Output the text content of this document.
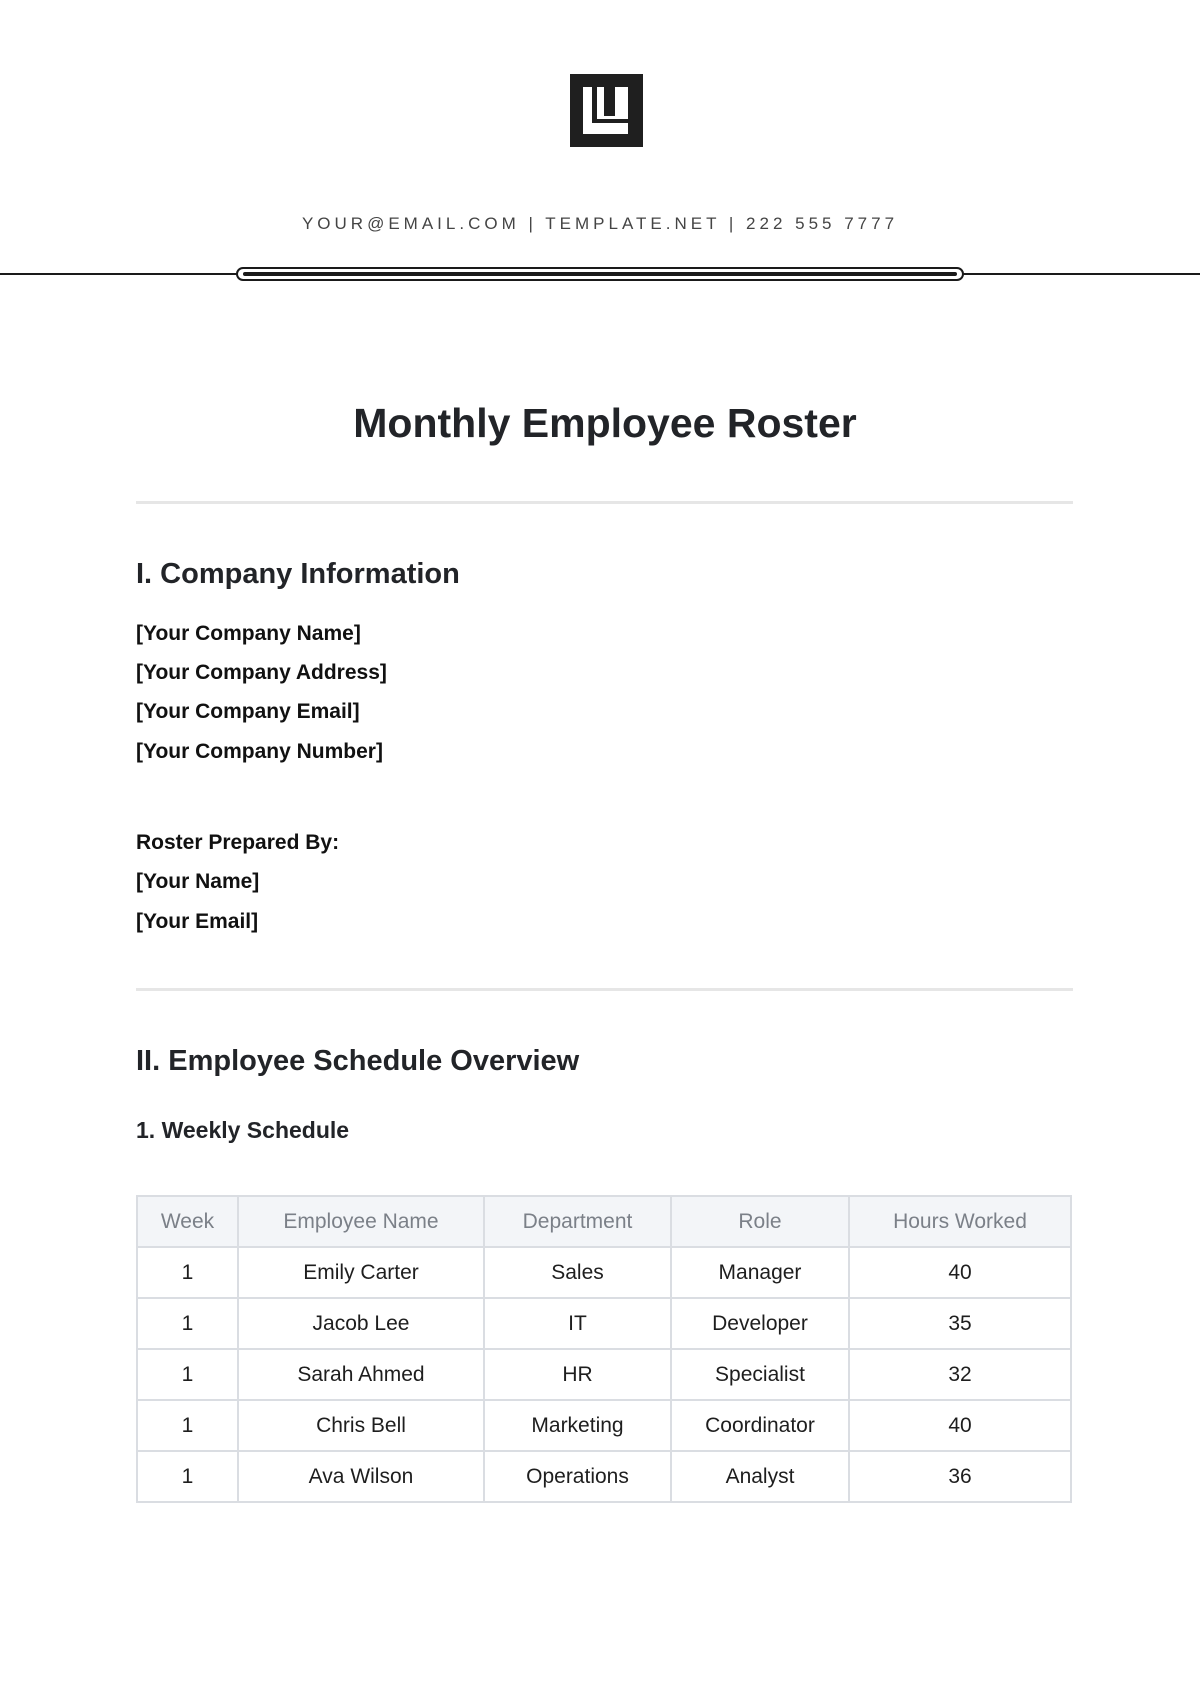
YOUR@EMAIL.COM | TEMPLATE.NET | 222 555 7777
Monthly Employee Roster
I. Company Information
[Your Company Name]
[Your Company Address]
[Your Company Email]
[Your Company Number]
Roster Prepared By:
[Your Name]
[Your Email]
II. Employee Schedule Overview
1. Weekly Schedule
Week	Employee Name	Department	Role	Hours Worked
1	Emily Carter	Sales	Manager	40
1	Jacob Lee	IT	Developer	35
1	Sarah Ahmed	HR	Specialist	32
1	Chris Bell	Marketing	Coordinator	40
1	Ava Wilson	Operations	Analyst	36
